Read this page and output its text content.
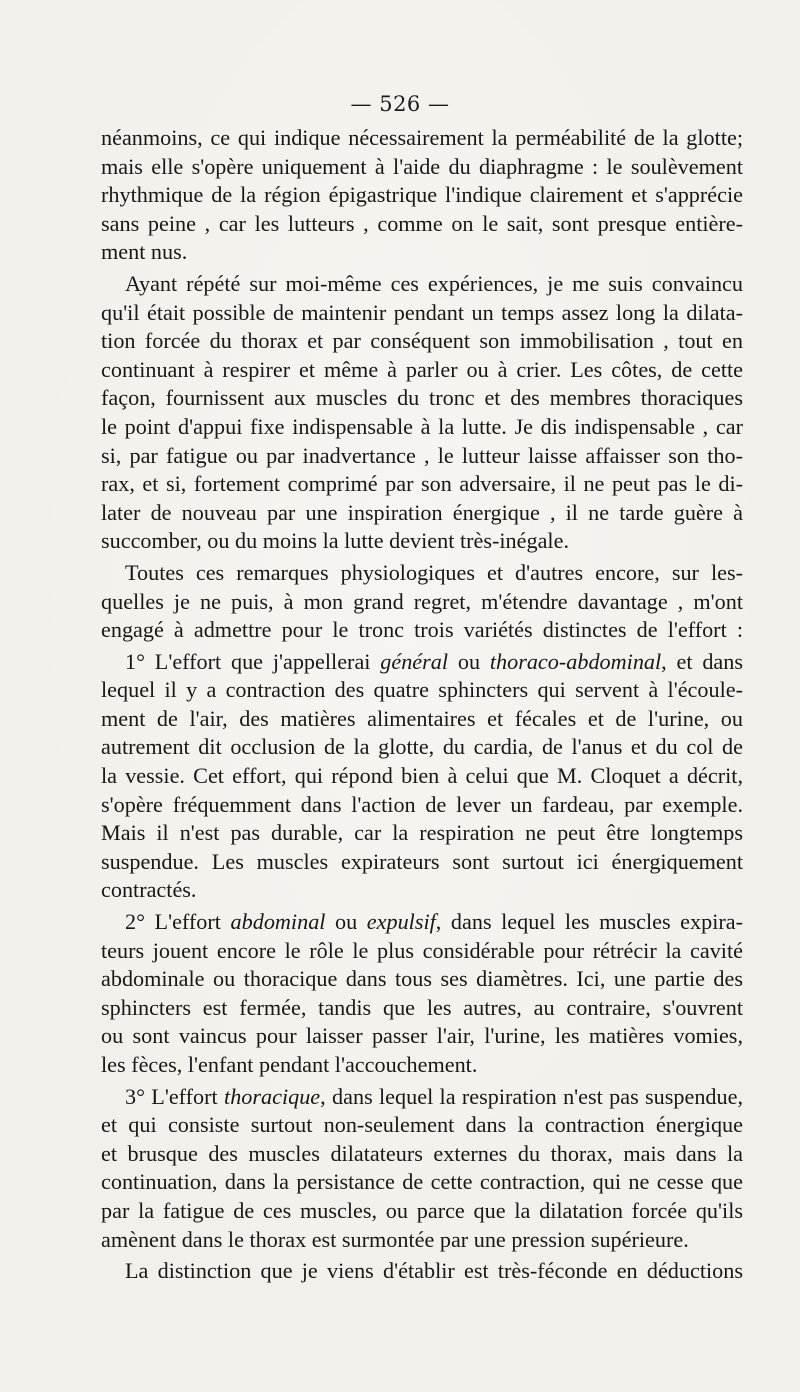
— 526 —
néanmoins, ce qui indique nécessairement la perméabilité de la glotte;
mais elle s'opère uniquement à l'aide du diaphragme : le soulèvement
rhythmique de la région épigastrique l'indique clairement et s'apprécie
sans peine , car les lutteurs , comme on le sait, sont presque entière-
ment nus.
Ayant répété sur moi-même ces expériences, je me suis convaincu
qu'il était possible de maintenir pendant un temps assez long la dilata-
tion forcée du thorax et par conséquent son immobilisation , tout en
continuant à respirer et même à parler ou à crier. Les côtes, de cette
façon, fournissent aux muscles du tronc et des membres thoraciques
le point d'appui fixe indispensable à la lutte. Je dis indispensable , car
si, par fatigue ou par inadvertance , le lutteur laisse affaisser son tho-
rax, et si, fortement comprimé par son adversaire, il ne peut pas le di-
later de nouveau par une inspiration énergique , il ne tarde guère à
succomber, ou du moins la lutte devient très-inégale.
Toutes ces remarques physiologiques et d'autres encore, sur les-
quelles je ne puis, à mon grand regret, m'étendre davantage , m'ont
engagé à admettre pour le tronc trois variétés distinctes de l'effort :
1° L'effort que j'appellerai général ou thoraco-abdominal, et dans
lequel il y a contraction des quatre sphincters qui servent à l'écoule-
ment de l'air, des matières alimentaires et fécales et de l'urine, ou
autrement dit occlusion de la glotte, du cardia, de l'anus et du col de
la vessie. Cet effort, qui répond bien à celui que M. Cloquet a décrit,
s'opère fréquemment dans l'action de lever un fardeau, par exemple.
Mais il n'est pas durable, car la respiration ne peut être longtemps
suspendue. Les muscles expirateurs sont surtout ici énergiquement
contractés.
2° L'effort abdominal ou expulsif, dans lequel les muscles expira-
teurs jouent encore le rôle le plus considérable pour rétrécir la cavité
abdominale ou thoracique dans tous ses diamètres. Ici, une partie des
sphincters est fermée, tandis que les autres, au contraire, s'ouvrent
ou sont vaincus pour laisser passer l'air, l'urine, les matières vomies,
les fèces, l'enfant pendant l'accouchement.
3° L'effort thoracique, dans lequel la respiration n'est pas suspendue,
et qui consiste surtout non-seulement dans la contraction énergique
et brusque des muscles dilatateurs externes du thorax, mais dans la
continuation, dans la persistance de cette contraction, qui ne cesse que
par la fatigue de ces muscles, ou parce que la dilatation forcée qu'ils
amènent dans le thorax est surmontée par une pression supérieure.
La distinction que je viens d'établir est très-féconde en déductions
